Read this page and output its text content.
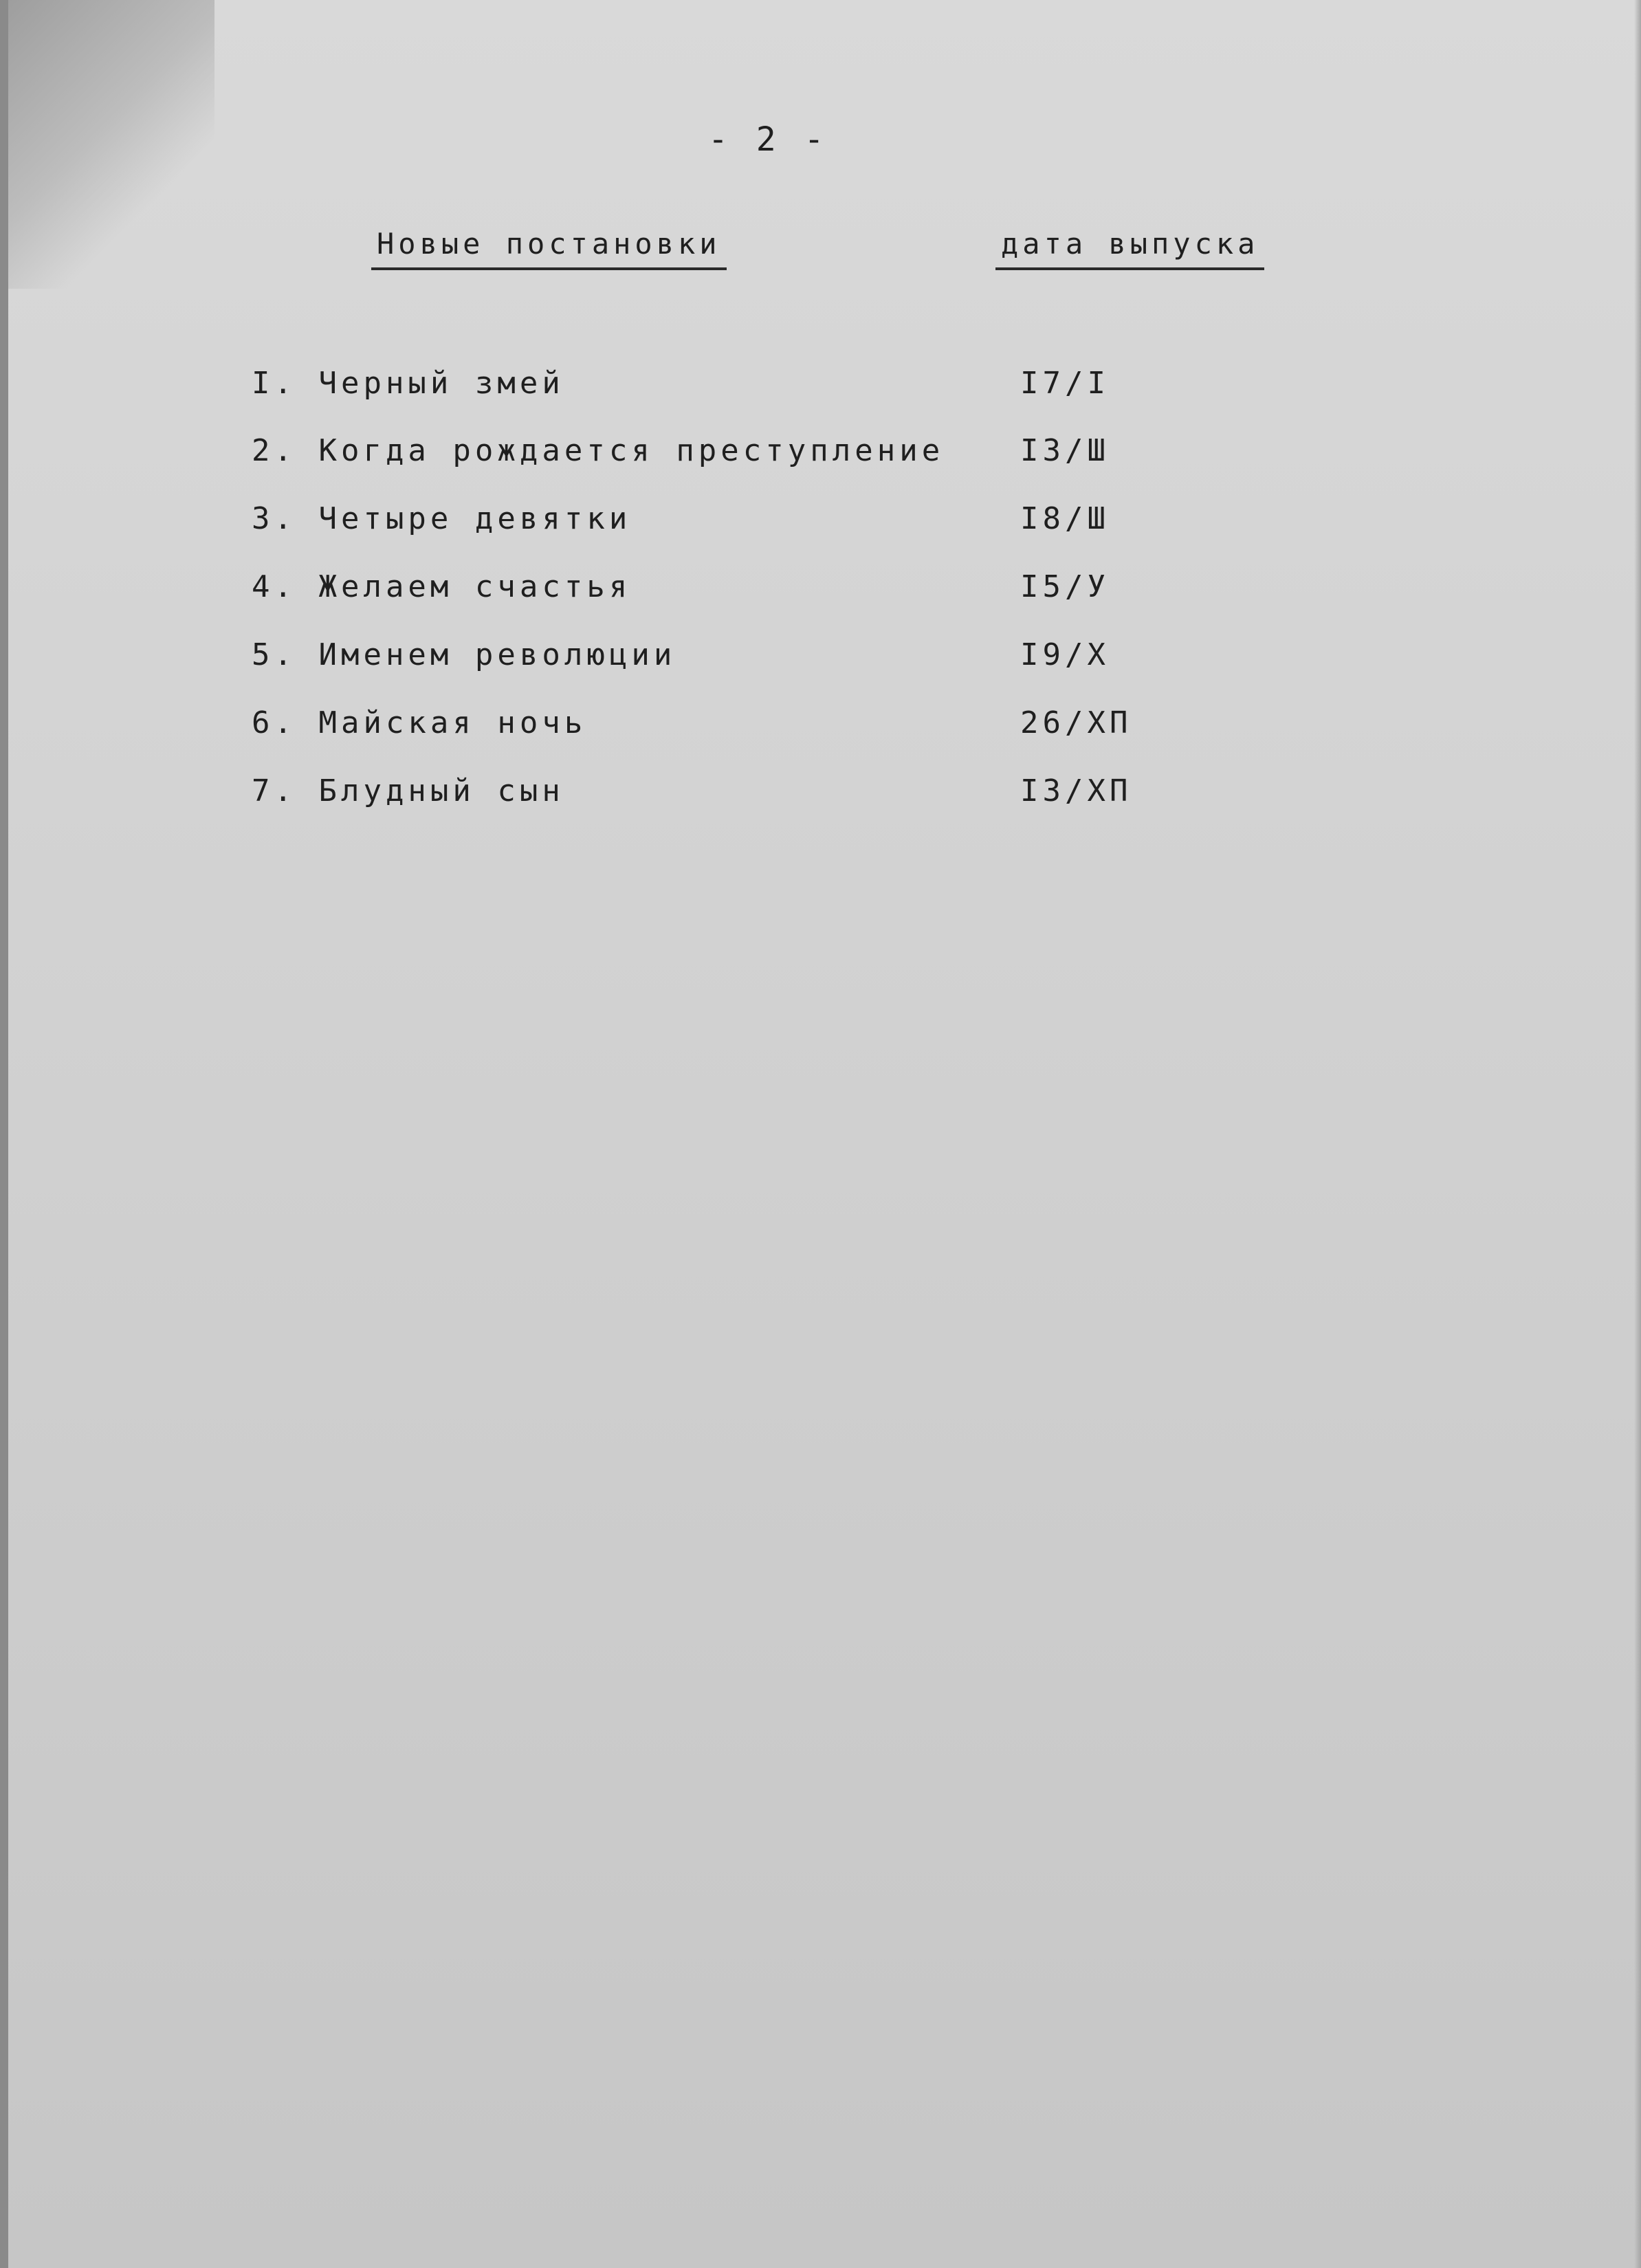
- 2 -
Новые постановки	дата выпуска
I. Черный змей	I7/I
2. Когда рождается преступление	I3/Ш
3. Четыре девятки	I8/Ш
4. Желаем счастья	I5/У
5. Именем революции	I9/Х
6. Майская ночь	26/ХП
7. Блудный сын	I3/ХП
